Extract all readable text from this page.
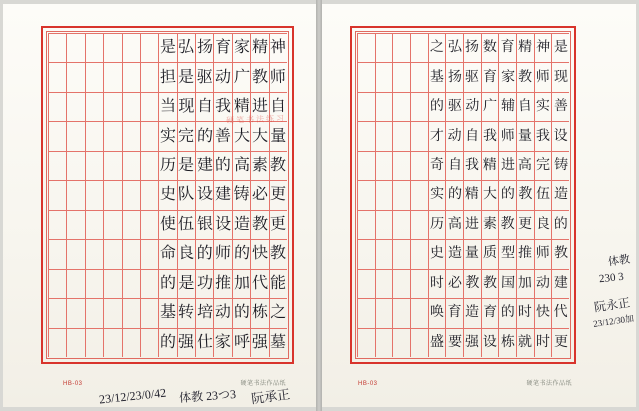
神
精
家
育
扬
弘
是
师
教
广
动
驱
是
担
自
进
精
我
自
现
当
量
大
大
善
的
完
实
教
素
高
的
建
是
历
更
必
铸
建
设
队
史
更
教
造
设
银
伍
使
教
快
的
师
的
良
命
能
代
加
推
功
是
的
之
栋
的
动
培
转
基
墓
强
呼
家
仕
强
的
硬笔书法练习
HB-03	硬笔书法作品纸
23/12/23/0/42 体教 23つ3 阮承正
是
神
精
育
数
扬
弘
之
现
师
教
家
育
驱
扬
基
善
实
自
辅
广
动
驱
的
设
我
量
师
我
自
动
才
铸
完
高
进
精
我
自
奇
造
伍
教
的
大
精
的
实
的
良
更
教
素
进
高
历
教
师
推
型
质
量
造
史
建
动
加
国
教
教
必
时
代
快
时
的
育
造
育
唤
更
时
就
栋
设
强
要
盛
HB-03	硬笔书法作品纸
体教
230 3
阮永正
23/12/30加
